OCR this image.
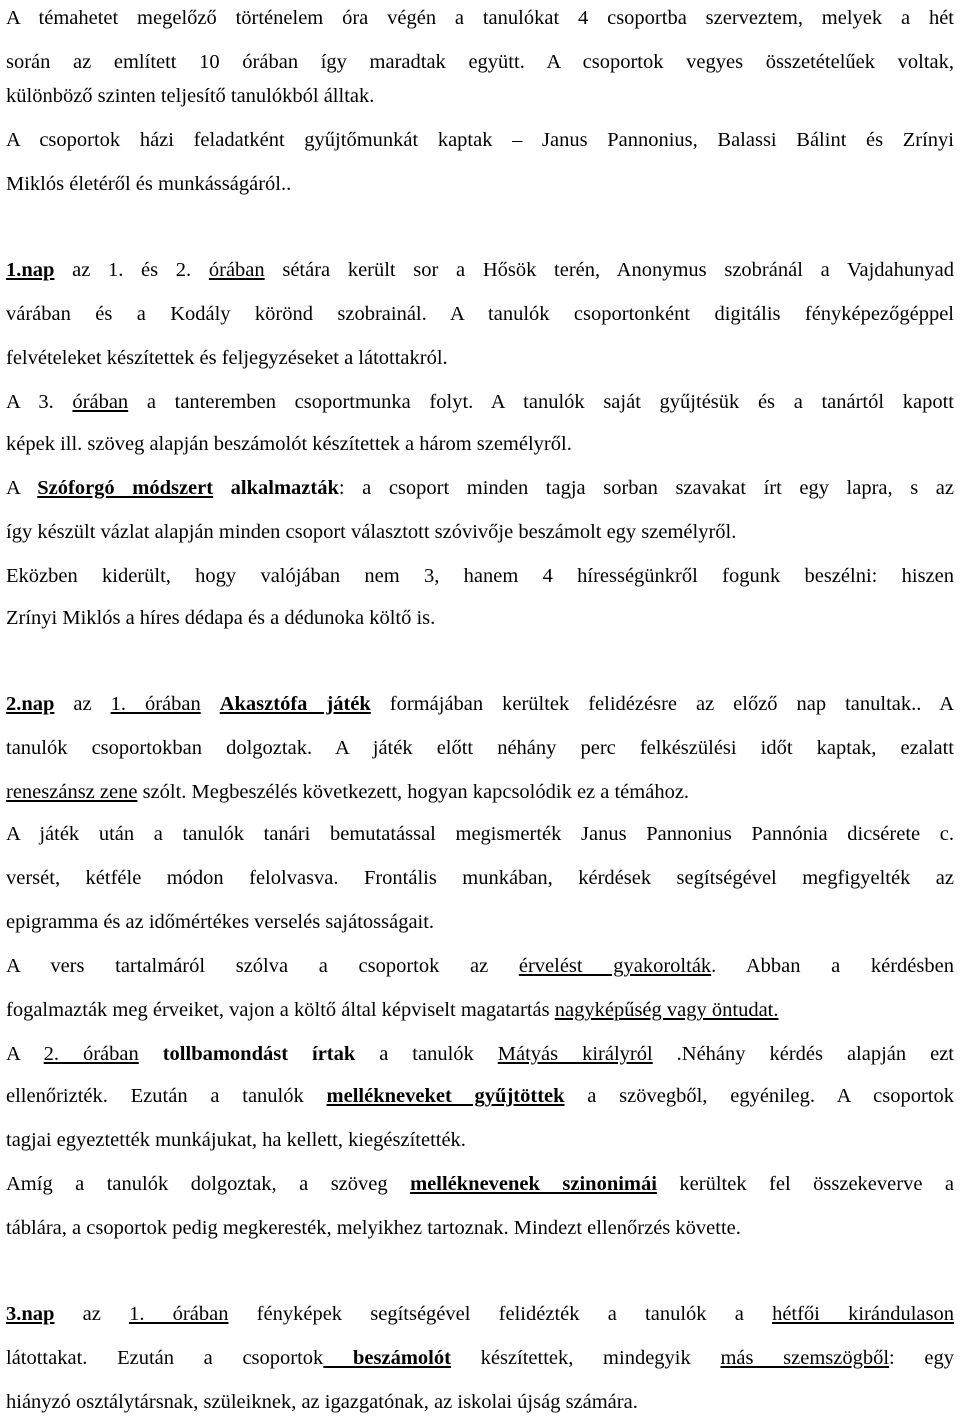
A témahetet megelőző történelem óra végén a tanulókat 4 csoportba szerveztem, melyek a hét
során az említett 10 órában így maradtak együtt. A csoportok vegyes összetételűek voltak,
különböző szinten teljesítő tanulókból álltak.
A csoportok házi feladatként gyűjtőmunkát kaptak – Janus Pannonius, Balassi Bálint és Zrínyi
Miklós életéről és munkásságáról..
1.nap az 1. és 2. órában sétára került sor a Hősök terén, Anonymus szobránál a Vajdahunyad
várában és a Kodály körönd szobrainál. A tanulók csoportonként digitális fényképezőgéppel
felvételeket készítettek és feljegyzéseket a látottakról.
A 3. órában a tanteremben csoportmunka folyt. A tanulók saját gyűjtésük és a tanártól kapott
képek ill. szöveg alapján beszámolót készítettek a három személyről.
A Szóforgó módszert alkalmazták: a csoport minden tagja sorban szavakat írt egy lapra, s az
így készült vázlat alapján minden csoport választott szóvivője beszámolt egy személyről.
Eközben kiderült, hogy valójában nem 3, hanem 4 hírességünkről fogunk beszélni: hiszen
Zrínyi Miklós a híres dédapa és a dédunoka költő is.
2.nap az 1. órában Akasztófa játék formájában kerültek felidézésre az előző nap tanultak.. A
tanulók csoportokban dolgoztak. A játék előtt néhány perc felkészülési időt kaptak, ezalatt
reneszánsz zene szólt. Megbeszélés következett, hogyan kapcsolódik ez a témához.
A játék után a tanulók tanári bemutatással megismerték Janus Pannonius Pannónia dicsérete c.
versét, kétféle módon felolvasva. Frontális munkában, kérdések segítségével megfigyelték az
epigramma és az időmértékes verselés sajátosságait.
A vers tartalmáról szólva a csoportok az érvelést gyakorolták. Abban a kérdésben
fogalmazták meg érveiket, vajon a költő által képviselt magatartás nagyképűség vagy öntudat.
A 2. órában tollbamondást írtak a tanulók Mátyás királyról .Néhány kérdés alapján ezt
ellenőrizték. Ezután a tanulók mellékneveket gyűjtöttek a szövegből, egyénileg. A csoportok
tagjai egyeztették munkájukat, ha kellett, kiegészítették.
Amíg a tanulók dolgoztak, a szöveg melléknevenek szinonimái kerültek fel összekeverve a
táblára, a csoportok pedig megkeresték, melyikhez tartoznak. Mindezt ellenőrzés követte.
3.nap az 1. órában fényképek segítségével felidézték a tanulók a hétfői kirándulason
látottakat. Ezután a csoportok beszámolót készítettek, mindegyik más szemszögből: egy
hiányzó osztálytársnak, szüleiknek, az igazgatónak, az iskolai újság számára.
